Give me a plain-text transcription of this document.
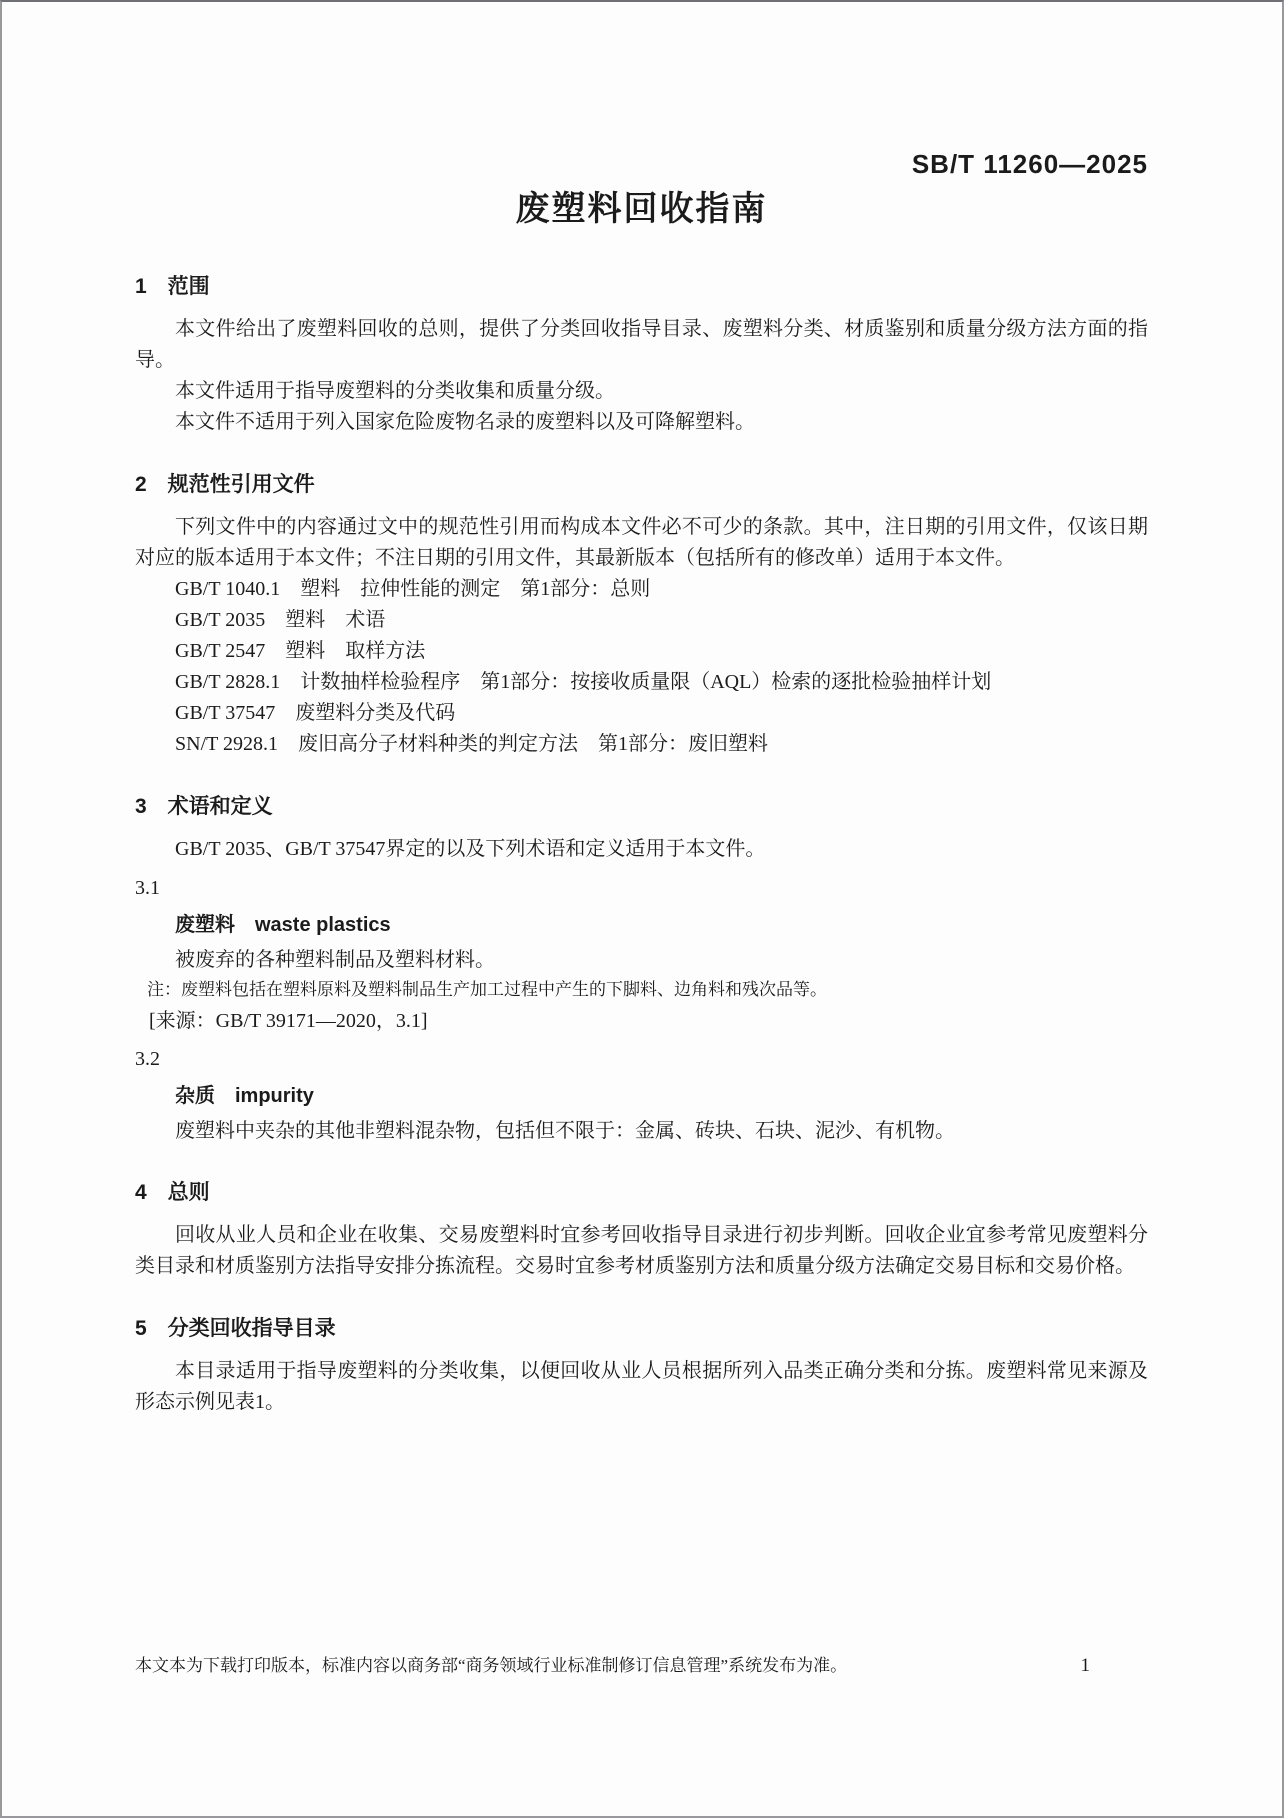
SB/T 11260—2025
废塑料回收指南
1　范围

本文件给出了废塑料回收的总则，提供了分类回收指导目录、废塑料分类、材质鉴别和质量分级方法方面的指导。

本文件适用于指导废塑料的分类收集和质量分级。

本文件不适用于列入国家危险废物名录的废塑料以及可降解塑料。

2　规范性引用文件

下列文件中的内容通过文中的规范性引用而构成本文件必不可少的条款。其中，注日期的引用文件，仅该日期对应的版本适用于本文件；不注日期的引用文件，其最新版本（包括所有的修改单）适用于本文件。

GB/T 1040.1　塑料　拉伸性能的测定　第1部分：总则
GB/T 2035　塑料　术语
GB/T 2547　塑料　取样方法
GB/T 2828.1　计数抽样检验程序　第1部分：按接收质量限（AQL）检索的逐批检验抽样计划
GB/T 37547　废塑料分类及代码
SN/T 2928.1　废旧高分子材料种类的判定方法　第1部分：废旧塑料
3　术语和定义

GB/T 2035、GB/T 37547界定的以及下列术语和定义适用于本文件。

3.1
废塑料　waste plastics

被废弃的各种塑料制品及塑料材料。

注：废塑料包括在塑料原料及塑料制品生产加工过程中产生的下脚料、边角料和残次品等。
[来源：GB/T 39171—2020，3.1]
3.2
杂质　impurity

废塑料中夹杂的其他非塑料混杂物，包括但不限于：金属、砖块、石块、泥沙、有机物。

4　总则

回收从业人员和企业在收集、交易废塑料时宜参考回收指导目录进行初步判断。回收企业宜参考常见废塑料分类目录和材质鉴别方法指导安排分拣流程。交易时宜参考材质鉴别方法和质量分级方法确定交易目标和交易价格。

5　分类回收指导目录

本目录适用于指导废塑料的分类收集，以便回收从业人员根据所列入品类正确分类和分拣。废塑料常见来源及形态示例见表1。

本文本为下载打印版本，标准内容以商务部“商务领域行业标准制修订信息管理”系统发布为准。	1
